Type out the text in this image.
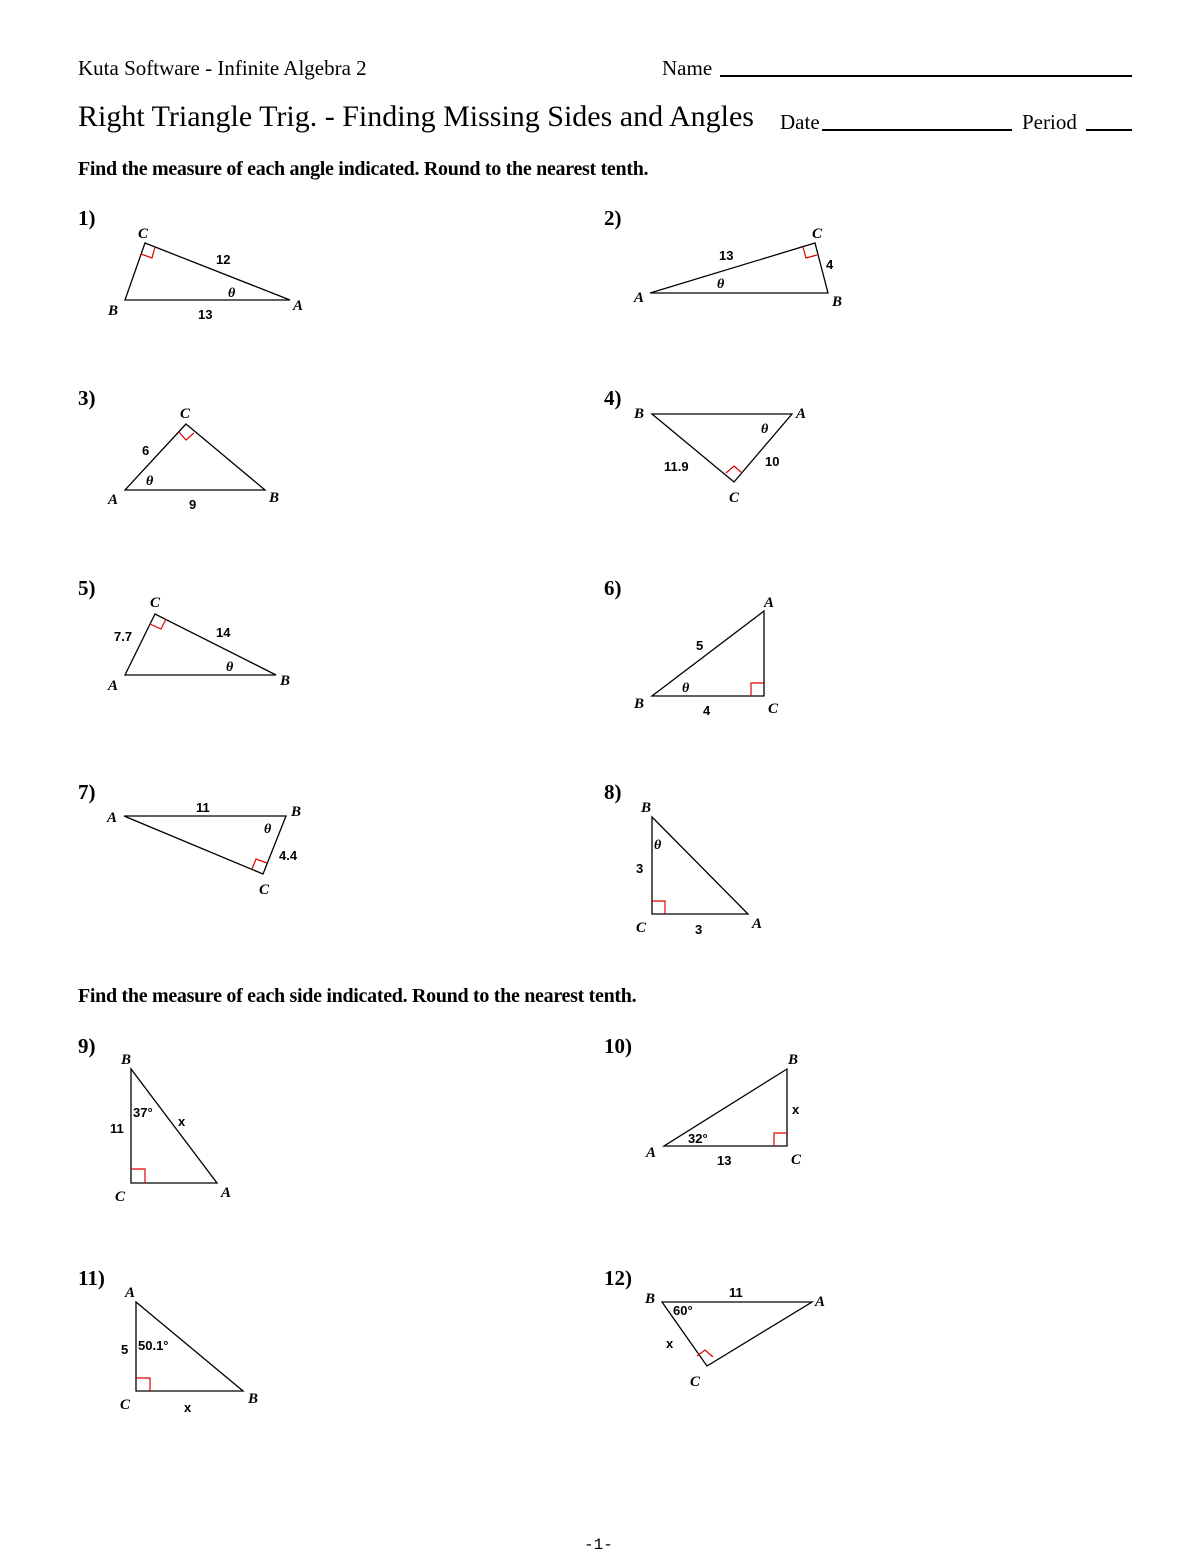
Kuta Software - Infinite Algebra 2	Name
Right Triangle Trig. - Finding Missing Sides and Angles Date	Period
Find the measure of each angle indicated. Round to the nearest tenth.
1)
C
B	A
12
13
θ
2)
C
A	B
13
4
θ
3)
C
A	B
6
9
θ
4)
B	A
C
11.9	10
θ
5)
C
A	B
7.7	14
θ
6)
A
B	C
5
4
θ
7)
A	B
C
11
4.4
θ
8)
B
C	A
3
3
θ
Find the measure of each side indicated. Round to the nearest tenth.
9)
B
C	A
11	x
37°
10)
B
A	C
x
13
32°
11)
A
C	B
5
x
50.1°
12)
B	A
C
11
x
60°
-1-
